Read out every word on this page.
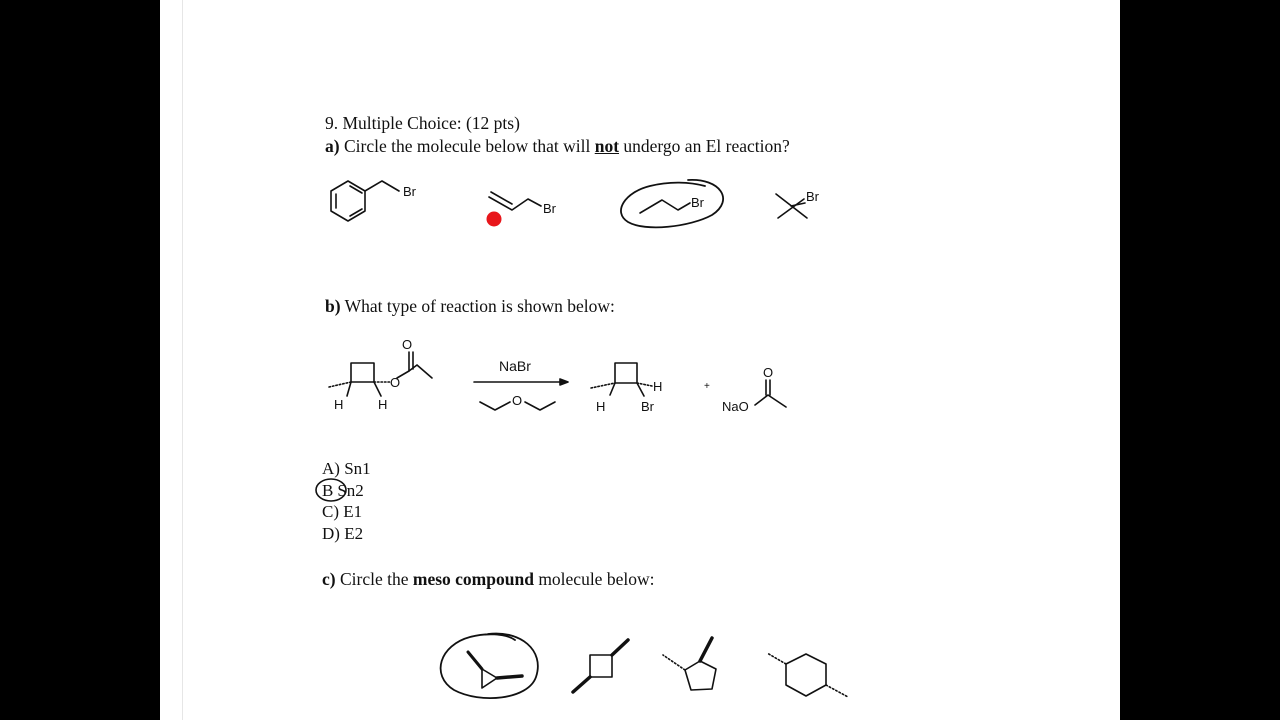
9. Multiple Choice: (12 pts)
a) Circle the molecule below that will not undergo an El reaction?
Br
Br	Br	Br
b) What type of reaction is shown below:
O
O
H	H
NaBr
O
H
H	Br
+
NaO
O
A) Sn1
B Sn2
C) E1
D) E2
c) Circle the meso compound molecule below:
